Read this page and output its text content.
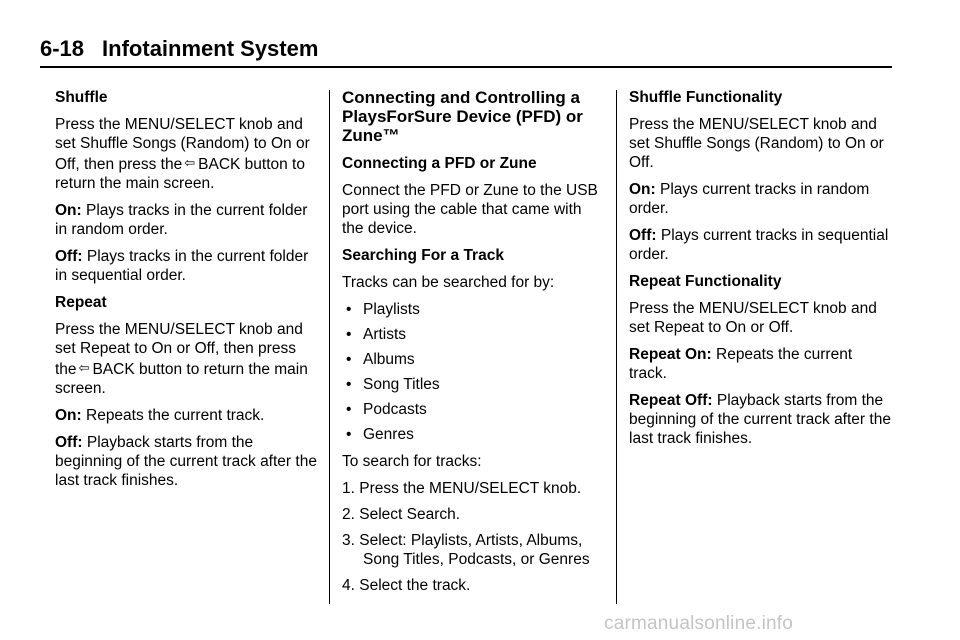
6-18 Infotainment System
Shuffle

Press the MENU/SELECT knob and set Shuffle Songs (Random) to On or Off, then press the ⇦ BACK button to return the main screen.

On: Plays tracks in the current folder in random order.

Off: Plays tracks in the current folder in sequential order.

Repeat

Press the MENU/SELECT knob and set Repeat to On or Off, then press the ⇦ BACK button to return the main screen.

On: Repeats the current track.

Off: Playback starts from the beginning of the current track after the last track finishes.

Connecting and Controlling a PlaysForSure Device (PFD) or Zune™
Connecting a PFD or Zune

Connect the PFD or Zune to the USB port using the cable that came with the device.

Searching For a Track

Tracks can be searched for by:

• Playlists
• Artists
• Albums
• Song Titles
• Podcasts
• Genres

To search for tracks:

1. Press the MENU/SELECT knob.
2. Select Search.
3. Select: Playlists, Artists, Albums, Song Titles, Podcasts, or Genres
4. Select the track.
Shuffle Functionality

Press the MENU/SELECT knob and set Shuffle Songs (Random) to On or Off.

On: Plays current tracks in random order.

Off: Plays current tracks in sequential order.

Repeat Functionality

Press the MENU/SELECT knob and set Repeat to On or Off.

Repeat On: Repeats the current track.

Repeat Off: Playback starts from the beginning of the current track after the last track finishes.

carmanualsonline.info
